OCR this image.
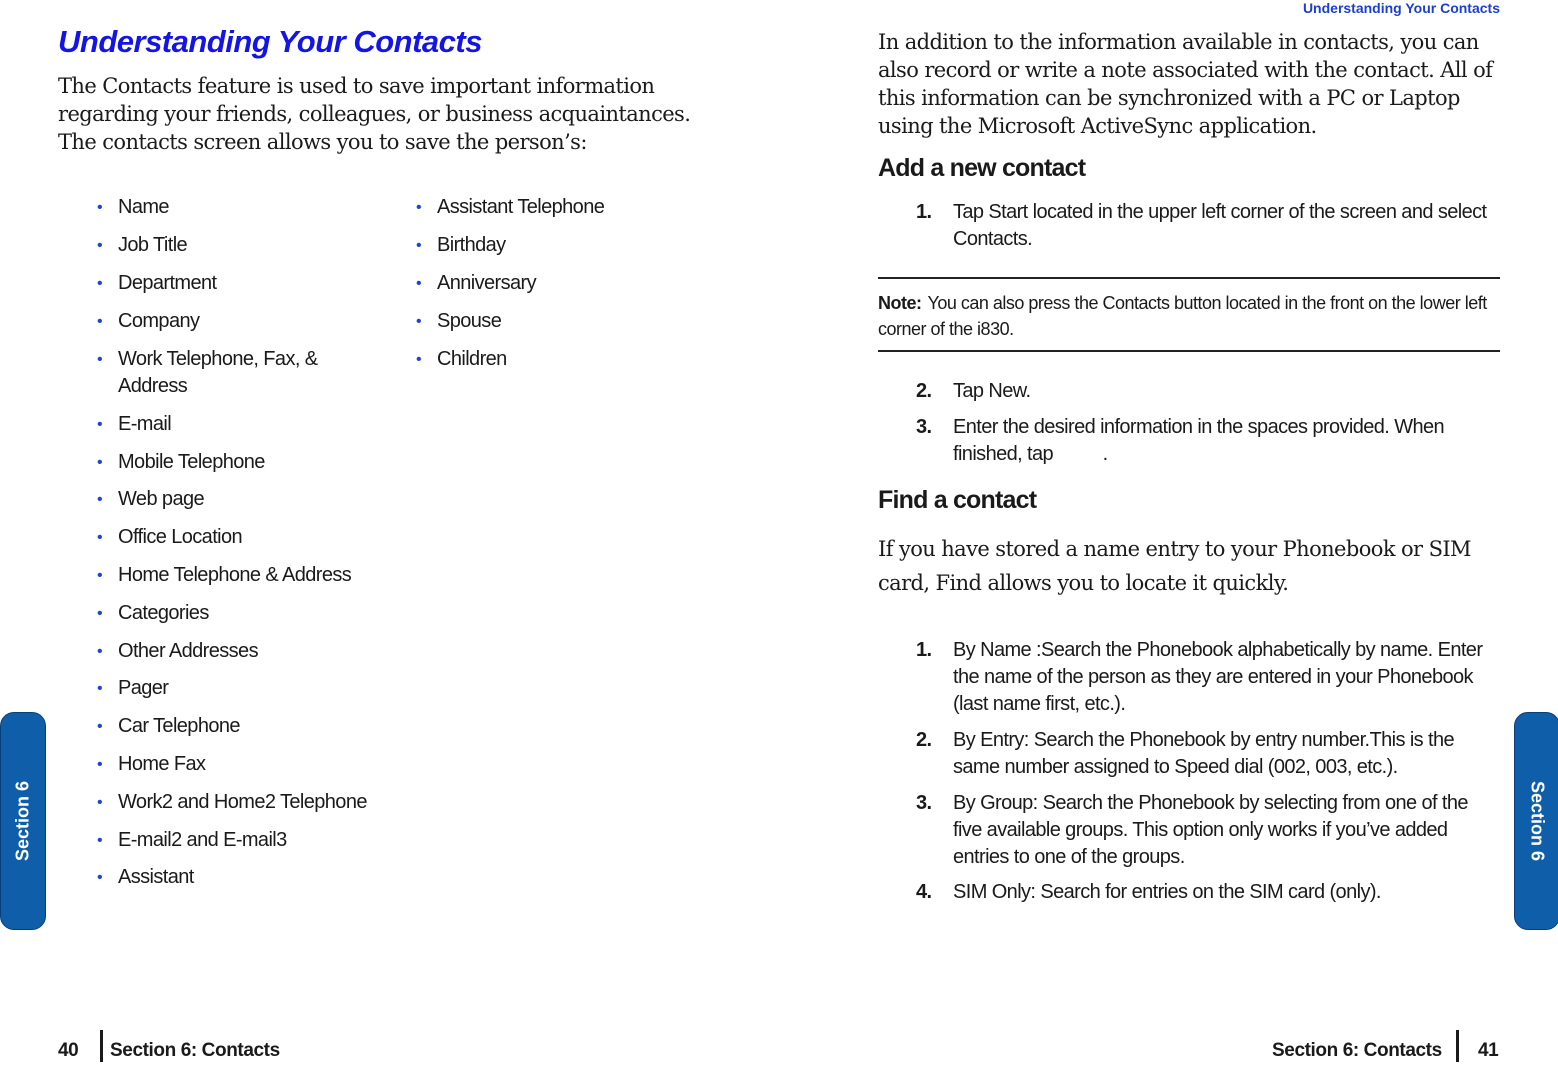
Understanding Your Contacts
Understanding Your Contacts
The Contacts feature is used to save important information regarding your friends, colleagues, or business acquaintances. The contacts screen allows you to save the person’s:
• Name
• Job Title
• Department
• Company
• Work Telephone, Fax, & Address
• E-mail
• Mobile Telephone
• Web page
• Office Location
• Home Telephone & Address
• Categories
• Other Addresses
• Pager
• Car Telephone
• Home Fax
• Work2 and Home2 Telephone
• E-mail2 and E-mail3
• Assistant
• Assistant Telephone
• Birthday
• Anniversary
• Spouse
• Children
Section 6
40 Section 6: Contacts
In addition to the information available in contacts, you can also record or write a note associated with the contact. All of this information can be synchronized with a PC or Laptop using the Microsoft ActiveSync application.
Add a new contact
1. Tap Start located in the upper left corner of the screen and select Contacts.
Note: You can also press the Contacts button located in the front on the lower left corner of the i830.
2. Tap New.
3. Enter the desired information in the spaces provided. When finished, tap          .
Find a contact
If you have stored a name entry to your Phonebook or SIM card, Find allows you to locate it quickly.
1. By Name :Search the Phonebook alphabetically by name. Enter the name of the person as they are entered in your Phonebook (last name first, etc.).
2. By Entry: Search the Phonebook by entry number.This is the same number assigned to Speed dial (002, 003, etc.).
3. By Group: Search the Phonebook by selecting from one of the five available groups. This option only works if you’ve added entries to one of the groups.
4. SIM Only: Search for entries on the SIM card (only).
Section 6
Section 6: Contacts 41
